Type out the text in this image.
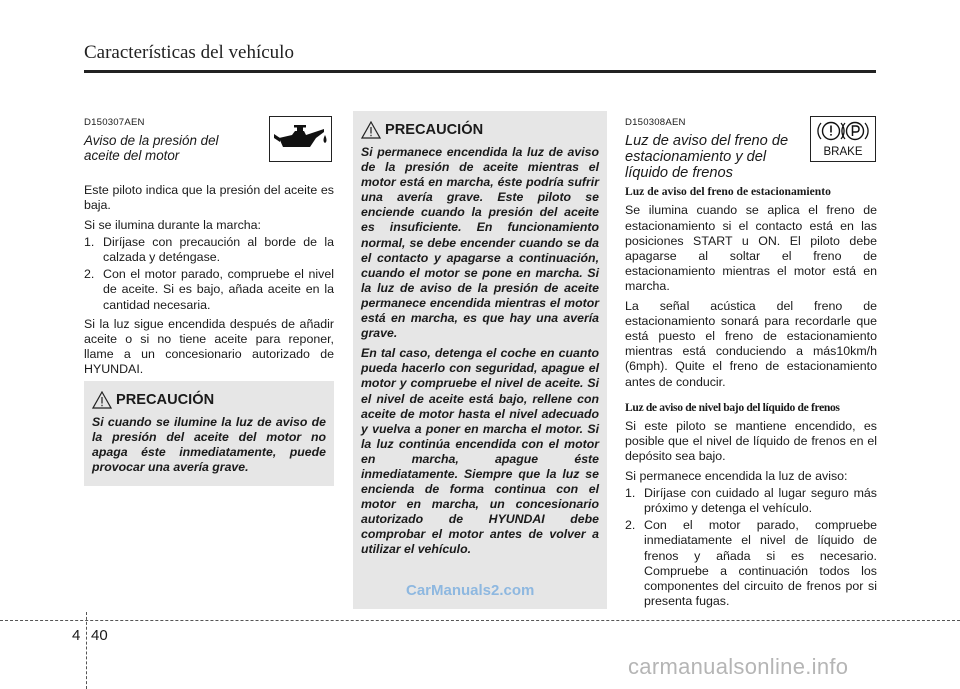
Características del vehículo
D150307AEN
Aviso de la presión del aceite del motor
Este piloto indica que la presión del aceite es baja.
Si se ilumina durante la marcha:
1. Diríjase con precaución al borde de la calzada y deténgase.
2. Con el motor parado, compruebe el nivel de aceite. Si es bajo, añada aceite en la cantidad necesaria.
Si la luz sigue encendida después de añadir aceite o si no tiene aceite para reponer, llame a un concesionario autorizado de HYUNDAI.
PRECAUCIÓN
Si cuando se ilumine la luz de aviso de la presión del aceite del motor no apaga éste inmediatamente, puede provocar una avería grave.
PRECAUCIÓN

Si permanece encendida la luz de aviso de la presión de aceite mientras el motor está en marcha, éste podría sufrir una avería grave. Este piloto se enciende cuando la presión del aceite es insuficiente. En funcionamiento normal, se debe encender cuando se da el contacto y apagarse a continuación, cuando el motor se pone en marcha. Si la luz de aviso de la presión de aceite permanece encendida mientras el motor está en marcha, es que hay una avería grave.

En tal caso, detenga el coche en cuanto pueda hacerlo con seguridad, apague el motor y compruebe el nivel de aceite. Si el nivel de aceite está bajo, rellene con aceite de motor hasta el nivel adecuado y vuelva a poner en marcha el motor. Si la luz continúa encendida con el motor en marcha, apague éste inmediatamente. Siempre que la luz se encienda de forma continua con el motor en marcha, un concesionario autorizado de HYUNDAI debe comprobar el motor antes de volver a utilizar el vehículo.

CarManuals2.com
D150308AEN
Luz de aviso del freno de estacionamiento y del líquido de frenos
Luz de aviso del freno de estacionamiento
Se ilumina cuando se aplica el freno de estacionamiento si el contacto está en las posiciones START u ON. El piloto debe apagarse al soltar el freno de estacionamiento mientras el motor está en marcha.
La señal acústica del freno de estacionamiento sonará para recordarle que está puesto el freno de estacionamiento mientras está conduciendo a más10km/h (6mph). Quite el freno de estacionamiento antes de conducir.
Luz de aviso de nivel bajo del líquido de frenos
Si este piloto se mantiene encendido, es posible que el nivel de líquido de frenos en el depósito sea bajo.
Si permanece encendida la luz de aviso:
1. Diríjase con cuidado al lugar seguro más próximo y detenga el vehículo.
2. Con el motor parado, compruebe inmediatamente el nivel de líquido de frenos y añada si es necesario. Compruebe a continuación todos los componentes del circuito de frenos por si presenta fugas.
BRAKE
4 40
carmanualsonline.info
